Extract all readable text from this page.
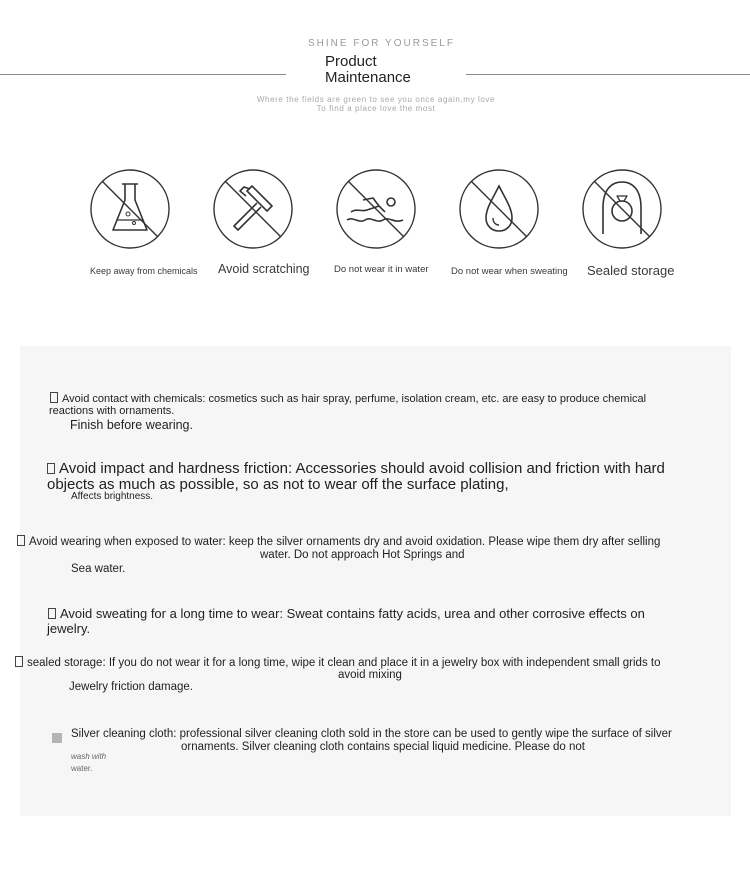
SHINE FOR YOURSELF
Product
Maintenance
Where the fields are green to see you once again,my love
To find a place love the most
Keep away from chemicals Avoid scratching	Do not wear it in water Do not wear when sweating Sealed storage
Avoid contact with chemicals: cosmetics such as hair spray, perfume, isolation cream, etc. are easy to produce chemical
reactions with ornaments.
Finish before wearing.
Avoid impact and hardness friction: Accessories should avoid collision and friction with hard
objects as much as possible, so as not to wear off the surface plating,
Affects brightness.
Avoid wearing when exposed to water: keep the silver ornaments dry and avoid oxidation. Please wipe them dry after selling
water. Do not approach Hot Springs and
Sea water.
Avoid sweating for a long time to wear: Sweat contains fatty acids, urea and other corrosive effects on
jewelry.
sealed storage: If you do not wear it for a long time, wipe it clean and place it in a jewelry box with independent small grids to
avoid mixing
Jewelry friction damage.
Silver cleaning cloth: professional silver cleaning cloth sold in the store can be used to gently wipe the surface of silver
ornaments. Silver cleaning cloth contains special liquid medicine. Please do not
wash with
water.
